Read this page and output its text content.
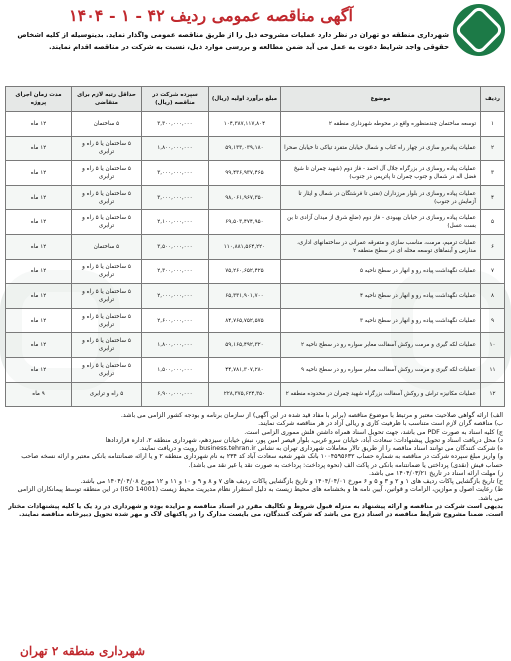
آگهی مناقصه عمومی ردیف ۴۲ - ۱ - ۱۴۰۴
شهرداری منطقه دو تهران در نظر دارد عملیات مشروحه ذیل را از طریق مناقصه عمومی واگذار نماید. بدینوسیله از کلیه اشخاص حقوقی واجد شرایط دعوت به عمل می آید ضمن مطالعه و بررسی موارد ذیل، نسبت به شرکت در مناقصه اقدام نمایند.
ردیف	موضوع	مبلغ برآورد اولیه (ریال)	سپرده شرکت در مناقصه (ریال)	حداقل رتبه لازم برای متقاضی	مدت زمان اجرای پروژه
۱	توسعه ساختمان چندمنظوره واقع در محوطه شهرداری منطقه ۲	۱۰۴,۳۸۷,۱۱۷,۸۰۴	۳,۳۰۰,۰۰۰,۰۰۰	۵ ساختمان	۱۲ ماه
۲	عملیات پیاده‌رو سازی در چهار راه کتاب و شمال خیابان متفرد تیاکی تا خیابان صحرا	۵۹,۱۳۳,۰۳۹,۱۸۰	۱,۸۰۰,۰۰۰,۰۰۰	۵ ساختمان یا ۵ راه و ترابری	۱۲ ماه
۳	عملیات پیاده روسازی در بزرگراه جلال آل احمد - فاز دوم (شهید چمران تا شیخ فضل اله در شمال و جنوب چمران تا پاتریس در جنوب)	۹۹,۴۳۶,۹۳۷,۴۶۵	۳,۰۰۰,۰۰۰,۰۰۰	۵ ساختمان یا ۵ راه و ترابری	۱۲ ماه
۴	عملیات پیاده روسازی در بلوار مرزداران (نفتی تا فرشتگان در شمال و ایثار تا آزمایش در جنوب)	۹۸,۰۶۱,۹۶۷,۳۵۰	۳,۰۰۰,۰۰۰,۰۰۰	۵ ساختمان یا ۵ راه و ترابری	۱۲ ماه
۵	عملیات پیاده روسازی در خیابان بهبودی - فاز دوم (ضلع شرق از میدان آزادی تا بن بست عسل)	۶۹,۵۰۳,۴۷۴,۹۵۰	۲,۱۰۰,۰۰۰,۰۰۰	۵ ساختمان یا ۵ راه و ترابری	۱۲ ماه
۶	عملیات ترمیم، مرمت، مناسب سازی و متفرقه عمرانی در ساختمانهای اداری، مدارس و آبنماهای توسعه محله ای در سطح منطقه ۲	۱۱۰,۸۸۱,۵۶۴,۲۲۰	۳,۵۰۰,۰۰۰,۰۰۰	۵ ساختمان	۱۲ ماه
۷	عملیات نگهداشت پیاده رو و انهار در سطح ناحیه ۵	۷۵,۲۶۰,۶۵۲,۴۲۵	۲,۳۰۰,۰۰۰,۰۰۰	۵ ساختمان یا ۵ راه و ترابری	۱۲ ماه
۸	عملیات نگهداشت پیاده رو و انهار در سطح ناحیه ۴	۶۵,۳۳۱,۹۰۱,۷۰۰	۲,۰۰۰,۰۰۰,۰۰۰	۵ ساختمان یا ۵ راه و ترابری	۱۲ ماه
۹	عملیات نگهداشت پیاده رو و انهار در سطح ناحیه ۳	۸۴,۷۶۵,۷۵۲,۵۷۵	۲,۶۰۰,۰۰۰,۰۰۰	۵ ساختمان یا ۵ راه و ترابری	۱۲ ماه
۱۰	عملیات لکه گیری و مرمت روکش آسفالت معابر سواره رو در سطح ناحیه ۲	۵۹,۱۶۵,۴۹۲,۳۲۰	۱,۸۰۰,۰۰۰,۰۰۰	۵ ساختمان یا ۵ راه و ترابری	۱۲ ماه
۱۱	عملیات لکه گیری و مرمت روکش آسفالت معابر سواره رو در سطح ناحیه ۹	۴۴,۷۸۱,۳۰۷,۲۸۰	۱,۵۰۰,۰۰۰,۰۰۰	۵ ساختمان یا ۵ راه و ترابری	۱۲ ماه
۱۲	عملیات مکانیزه تراش و روکش آسفالت بزرگراه شهید چمران در محدوده منطقه ۲	۲۲۸,۳۷۵,۶۲۴,۳۵۰	۶,۹۰۰,۰۰۰,۰۰۰	۵ راه و ترابری	۹ ماه

الف) ارائه گواهی صلاحیت معتبر و مرتبط با موضوع مناقصه (برابر با مفاد قید شده در این آگهی) از سازمان برنامه و بودجه کشور الزامی می باشد.

ب) مناقصه گران لازم است متناسب با ظرفیت کاری و ریالی آزاد در هر مناقصه شرکت نمایند.

ج) کلیه اسناد به صورت PDF می باشد، جهت تحویل اسناد همراه داشتن فلش مموری الزامی است.

د) محل دریافت اسناد و تحویل پیشنهادات: سعادت آباد، خیابان سرو غربی، بلوار قیصر امین پور، نبش خیابان سیزدهم، شهرداری منطقه ۲، اداره قراردادها

ه) شرکت کنندگان می توانند اسناد مناقصه را از طریق تالار معاملات شهرداری تهران به نشانی business.tehran.ir رویت و دریافت نمایند.

و) واریز مبلغ سپرده شرکت در مناقصه به شماره حساب ۱۰۰۴۵۹۵۶۳۲ بانک شهر شعبه سعادت آباد کد ۲۳۴ به نام شهرداری منطقه ۲ و یا ارائه ضمانتنامه بانکی معتبر و ارائه نسخه صاحب حساب فیش (نقدی) پرداختی یا ضمانتنامه بانکی در پاکت الف (نحوه پرداخت: پرداخت به صورت نقد یا غیر نقد می باشد).

ز) مهلت ارائه اسناد در تاریخ ۱۴۰۴/۰۳/۲۱ می باشد.

ح) تاریخ بازگشایی پاکات ردیف های ۱ و ۲ و ۳ و ۵ و ۶ مورخ ۱۴۰۴/۰۴/۰۱ و تاریخ بازگشایی پاکات ردیف های ۷ و ۸ و ۹ و ۱۰ و ۱۱ و ۱۲ مورخ ۱۴۰۴/۰۴/۰۸ می باشد.

ط) رعایت اصول و موازین، الزامات و قوانین، آیین نامه ها و بخشنامه های محیط زیست به دلیل استقرار نظام مدیریت محیط زیست (ISO 14001) در این منطقه توسط پیمانکاران الزامی می باشد.

بدیهی است شرکت در مناقصه و ارائه پیشنهاد به منزله قبول شروط و تکالیف مقرر در اسناد مناقصه و مزایده بوده و شهرداری در رد یک یا کلیه پیشنهادات مختار است. ضمنا مشروح شرایط مناقصه در اسناد درج می باشد که شرکت کنندگان، می بایست مدارک را در پاکتهای لاک و مهر شده تحویل دبیرخانه مناقصه نمایند.

شهرداری منطقه ۲ تهران
